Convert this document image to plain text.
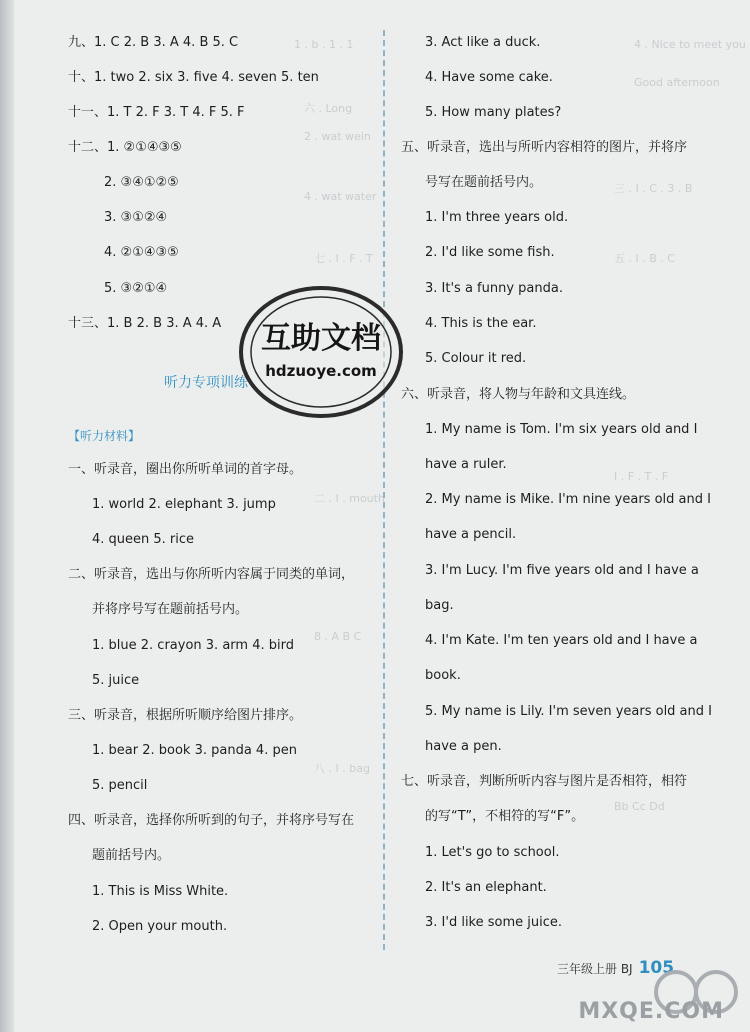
1 . b . 1 . 1
六 . Long
2 . wat wein
4 . wat water
七 . I . F . T
二 . I . mouth
8 . A B C
八 . I . bag
4 . Nice to meet you
Good afternoon
三 . I . C . 3 . B
五 . I . B . C
I . F . T . F
Bb Cc Dd
九、1. C 2. B 3. A 4. B 5. C
十、1. two 2. six 3. five 4. seven 5. ten
十一、1. T 2. F 3. T 4. F 5. F
十二、1. ②①④③⑤
2. ③④①②⑤
3. ③①②④
4. ②①④③⑤
5. ③②①④
十三、1. B 2. B 3. A 4. A
听力专项训练
【听力材料】
一、听录音，圈出你所听单词的首字母。
1. world 2. elephant 3. jump
4. queen 5. rice
二、听录音，选出与你所听内容属于同类的单词，
并将序号写在题前括号内。
1. blue 2. crayon 3. arm 4. bird
5. juice
三、听录音，根据所听顺序给图片排序。
1. bear 2. book 3. panda 4. pen
5. pencil
四、听录音，选择你所听到的句子，并将序号写在
题前括号内。
1. This is Miss White.
2. Open your mouth.
3. Act like a duck.
4. Have some cake.
5. How many plates?
五、听录音，选出与所听内容相符的图片，并将序
号写在题前括号内。
1. I'm three years old.
2. I'd like some fish.
3. It's a funny panda.
4. This is the ear.
5. Colour it red.
六、听录音，将人物与年龄和文具连线。
1. My name is Tom. I'm six years old and I
have a ruler.
2. My name is Mike. I'm nine years old and I
have a pencil.
3. I'm Lucy. I'm five years old and I have a
bag.
4. I'm Kate. I'm ten years old and I have a
book.
5. My name is Lily. I'm seven years old and I
have a pen.
七、听录音，判断所听内容与图片是否相符，相符
的写“T”，不相符的写“F”。
1. Let's go to school.
2. It's an elephant.
3. I'd like some juice.
互助文档
hdzuoye.com
三年级上册 BJ 105
MXQE.COM
